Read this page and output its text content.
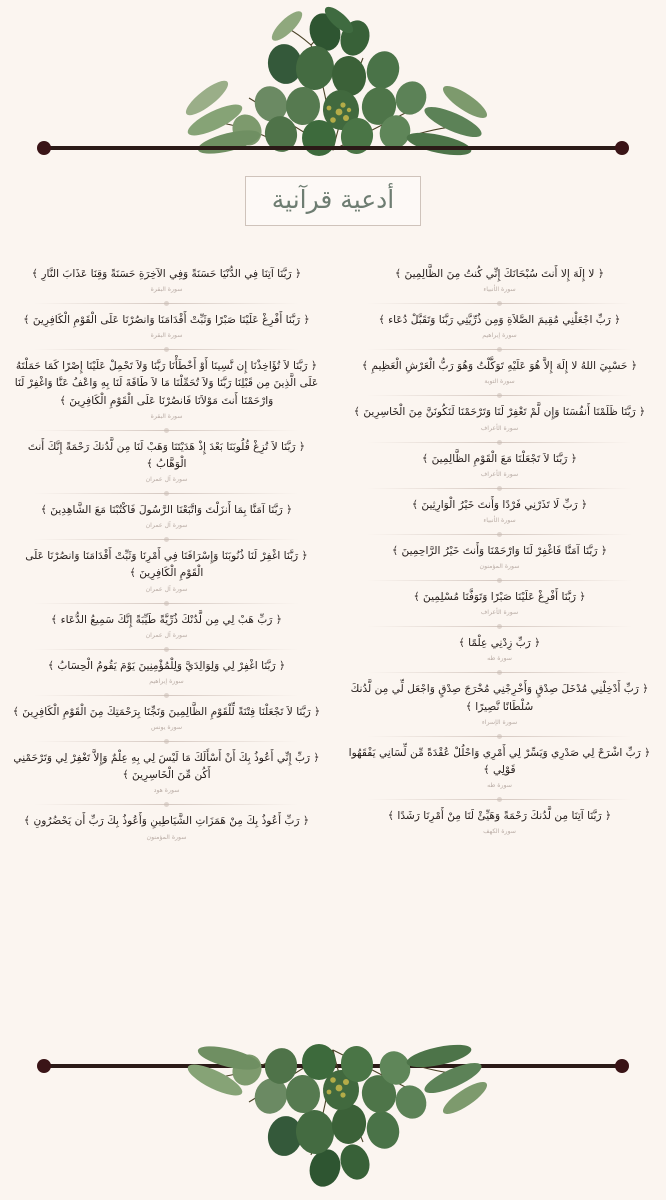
أدعية قرآنية
﴿ رَبَّنَا آتِنَا فِي الدُّنْيَا حَسَنَةً وَفِي الآخِرَةِ حَسَنَةً وَقِنَا عَذَابَ النَّارِ ﴾
سورة البقرة
﴿ رَبَّنَا أَفْرِغْ عَلَيْنَا صَبْرًا وَثَبِّتْ أَقْدَامَنَا وَانصُرْنَا عَلَى الْقَوْمِ الْكَافِرِينَ ﴾
سورة البقرة
﴿ رَبَّنَا لاَ تُؤَاخِذْنَا إِن نَّسِينَا أَوْ أَخْطَأْنَا رَبَّنَا وَلاَ تَحْمِلْ عَلَيْنَا إِصْرًا كَمَا حَمَلْتَهُ عَلَى الَّذِينَ مِن قَبْلِنَا رَبَّنَا وَلاَ تُحَمِّلْنَا مَا لاَ طَاقَةَ لَنَا بِهِ وَاعْفُ عَنَّا وَاغْفِرْ لَنَا وَارْحَمْنَا أَنتَ مَوْلاَنَا فَانصُرْنَا عَلَى الْقَوْمِ الْكَافِرِينَ ﴾
سورة البقرة
﴿ رَبَّنَا لاَ تُزِغْ قُلُوبَنَا بَعْدَ إِذْ هَدَيْتَنَا وَهَبْ لَنَا مِن لَّدُنكَ رَحْمَةً إِنَّكَ أَنتَ الْوَهَّابُ ﴾
سورة آل عمران
﴿ رَبَّنَا آمَنَّا بِمَا أَنزَلْتَ وَاتَّبَعْنَا الرَّسُولَ فَاكْتُبْنَا مَعَ الشَّاهِدِينَ ﴾
سورة آل عمران
﴿ رَبَّنَا اغْفِرْ لَنَا ذُنُوبَنَا وَإِسْرَافَنَا فِي أَمْرِنَا وَثَبِّتْ أَقْدَامَنَا وَانصُرْنَا عَلَى الْقَوْمِ الْكَافِرِينَ ﴾
سورة آل عمران
﴿ رَبِّ هَبْ لِي مِن لَّدُنْكَ ذُرِّيَّةً طَيِّبَةً إِنَّكَ سَمِيعُ الدُّعَاء ﴾
سورة آل عمران
﴿ رَبَّنَا اغْفِرْ لِي وَلِوَالِدَيَّ وَلِلْمُؤْمِنِينَ يَوْمَ يَقُومُ الْحِسَابُ ﴾
سورة إبراهيم
﴿ رَبَّنَا لاَ تَجْعَلْنَا فِتْنَةً لِّلْقَوْمِ الظَّالِمِينَ وَنَجِّنَا بِرَحْمَتِكَ مِنَ الْقَوْمِ الْكَافِرِينَ ﴾
سورة يونس
﴿ رَبِّ إِنِّي أَعُوذُ بِكَ أَنْ أَسْأَلَكَ مَا لَيْسَ لِي بِهِ عِلْمٌ وَإِلاَّ تَغْفِرْ لِي وَتَرْحَمْنِي أَكُن مِّنَ الْخَاسِرِينَ ﴾
سورة هود
﴿ رَبِّ أَعُوذُ بِكَ مِنْ هَمَزَاتِ الشَّيَاطِينِ وَأَعُوذُ بِكَ رَبِّ أَن يَحْضُرُونِ ﴾
سورة المؤمنون
﴿ لا إِلَهَ إِلا أَنتَ سُبْحَانَكَ إِنِّي كُنتُ مِنَ الظَّالِمِينَ ﴾
سورة الأنبياء
﴿ رَبِّ اجْعَلْنِي مُقِيمَ الصَّلاَةِ وَمِن ذُرِّيَّتِي رَبَّنَا وَتَقَبَّلْ دُعَاء ﴾
سورة إبراهيم
﴿ حَسْبِيَ اللهُ لا إِلَهَ إِلاَّ هُوَ عَلَيْهِ تَوَكَّلْتُ وَهُوَ رَبُّ الْعَرْشِ الْعَظِيمِ ﴾
سورة التوبة
﴿ رَبَّنَا ظَلَمْنَا أَنفُسَنَا وَإِن لَّمْ تَغْفِرْ لَنَا وَتَرْحَمْنَا لَنَكُونَنَّ مِنَ الْخَاسِرِينَ ﴾
سورة الأعراف
﴿ رَبَّنَا لاَ تَجْعَلْنَا مَعَ الْقَوْمِ الظَّالِمِينَ ﴾
سورة الأعراف
﴿ رَبِّ لَا تَذَرْنِي فَرْدًا وَأَنتَ خَيْرُ الْوَارِثِينَ ﴾
سورة الأنبياء
﴿ رَبَّنَا آمَنَّا فَاغْفِرْ لَنَا وَارْحَمْنَا وَأَنتَ خَيْرُ الرَّاحِمِينَ ﴾
سورة المؤمنون
﴿ رَبَّنَا أَفْرِغْ عَلَيْنَا صَبْرًا وَتَوَفَّنَا مُسْلِمِينَ ﴾
سورة الأعراف
﴿ رَبِّ زِدْنِي عِلْمًا ﴾
سورة طه
﴿ رَبِّ أَدْخِلْنِي مُدْخَلَ صِدْقٍ وَأَخْرِجْنِي مُخْرَجَ صِدْقٍ وَاجْعَل لِّي مِن لَّدُنكَ سُلْطَانًا نَّصِيرًا ﴾
سورة الإسراء
﴿ رَبِّ اشْرَحْ لِي صَدْرِي وَيَسِّرْ لِي أَمْرِي وَاحْلُلْ عُقْدَةً مِّن لِّسَانِي يَفْقَهُوا قَوْلِي ﴾
سورة طه
﴿ رَبَّنَا آتِنَا مِن لَّدُنكَ رَحْمَةً وَهَيِّئْ لَنَا مِنْ أَمْرِنَا رَشَدًا ﴾
سورة الكهف
